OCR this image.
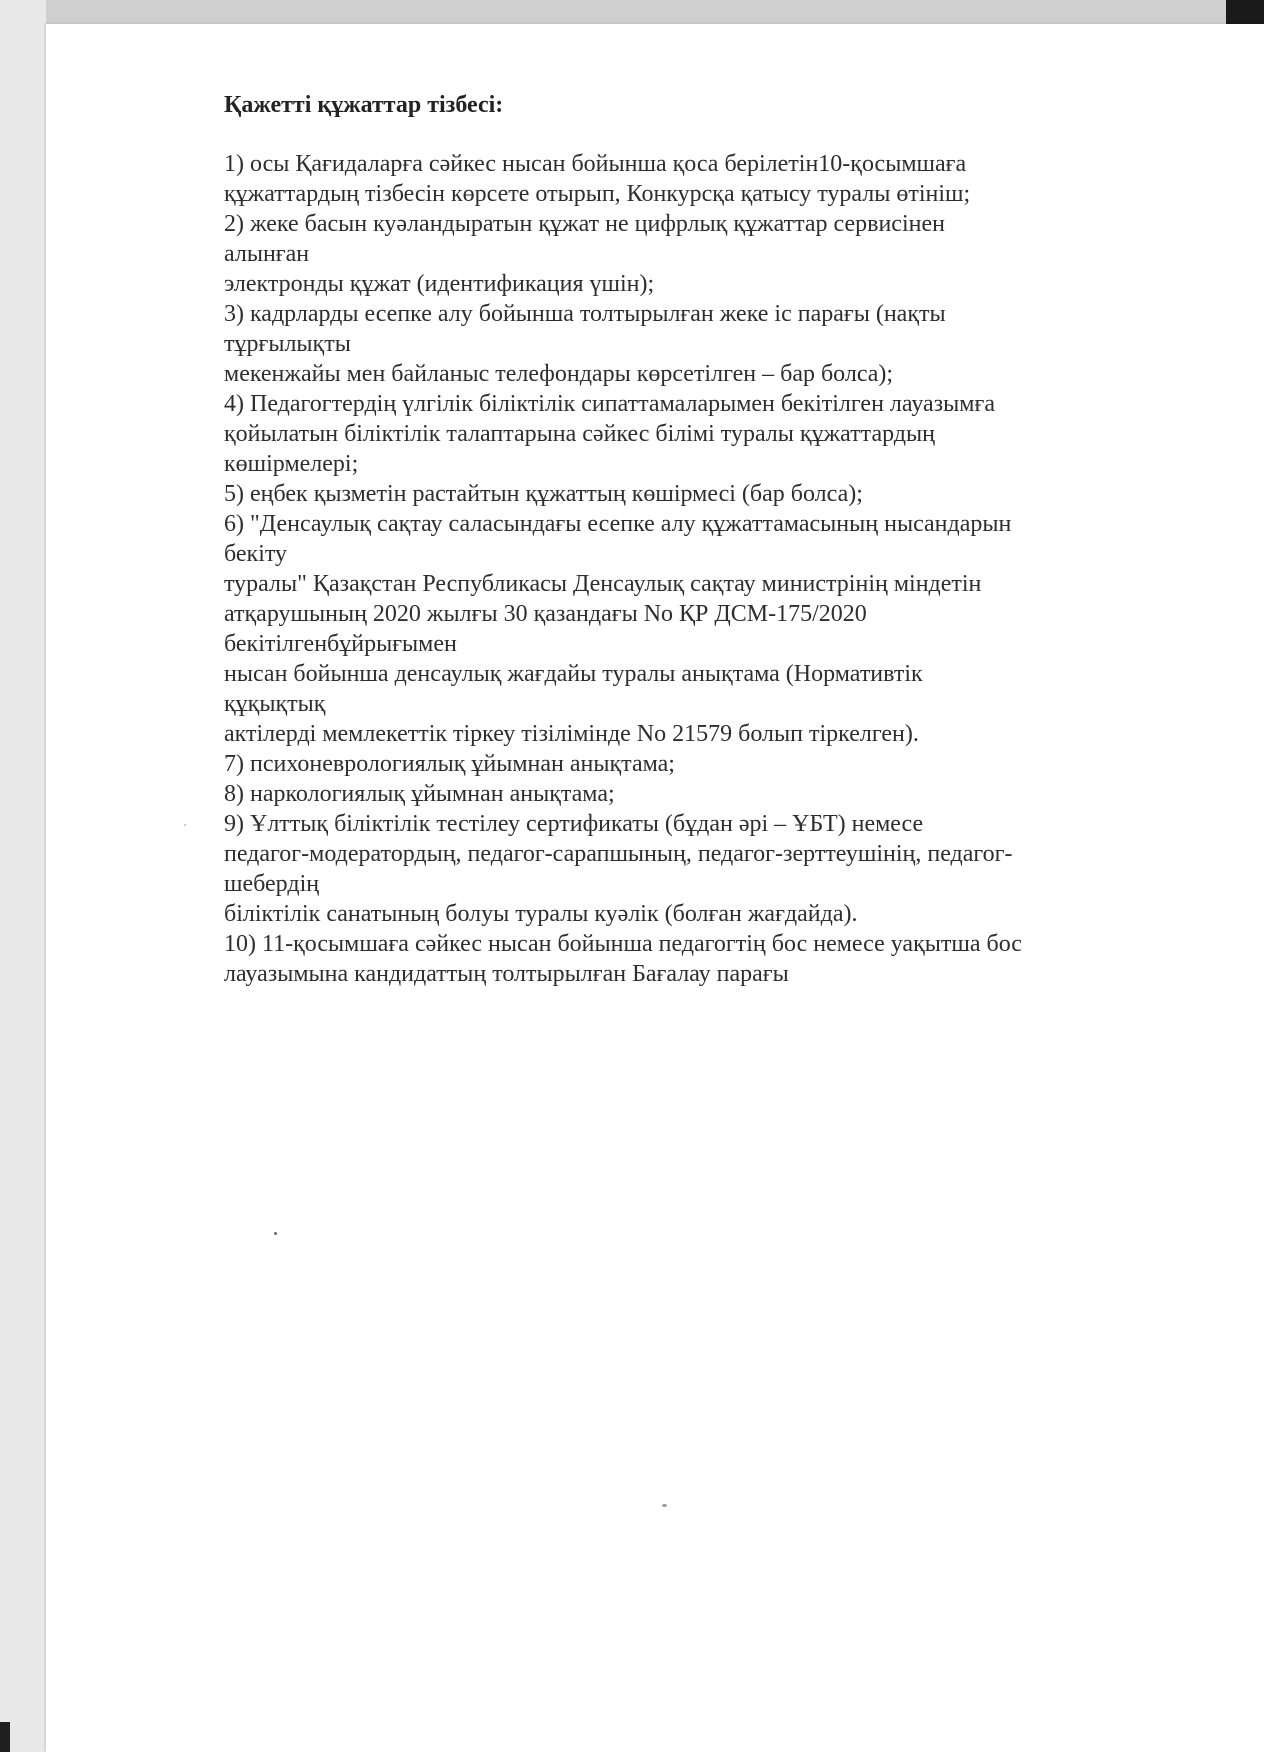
Қажетті құжаттар тізбесі:
1) осы Қағидаларға сәйкес нысан бойынша қоса берілетін10-қосымшаға
құжаттардың тізбесін көрсете отырып, Конкурсқа қатысу туралы өтініш;
2) жеке басын куәландыратын құжат не цифрлық құжаттар сервисінен
алынған
электронды құжат (идентификация үшін);
3) кадрларды есепке алу бойынша толтырылған жеке іс парағы (нақты
тұрғылықты
мекенжайы мен байланыс телефондары көрсетілген – бар болса);
4) Педагогтердің үлгілік біліктілік сипаттамаларымен бекітілген лауазымға
қойылатын біліктілік талаптарына сәйкес білімі туралы құжаттардың
көшірмелері;
5) еңбек қызметін растайтын құжаттың көшірмесі (бар болса);
6) "Денсаулық сақтау саласындағы есепке алу құжаттамасының нысандарын
бекіту
туралы" Қазақстан Республикасы Денсаулық сақтау министрінің міндетін
атқарушының 2020 жылғы 30 қазандағы No ҚР ДСМ-175/2020
бекітілгенбұйрығымен
нысан бойынша денсаулық жағдайы туралы анықтама (Нормативтік
құқықтық
актілерді мемлекеттік тіркеу тізілімінде No 21579 болып тіркелген).
7) психоневрологиялық ұйымнан анықтама;
8) наркологиялық ұйымнан анықтама;
9) Ұлттық біліктілік тестілеу сертификаты (бұдан әрі – ҰБТ) немесе
педагог-модератордың, педагог-сарапшының, педагог-зерттеушінің, педагог-
шебердің
біліктілік санатының болуы туралы куәлік (болған жағдайда).
10) 11-қосымшаға сәйкес нысан бойынша педагогтің бос немесе уақытша бос
лауазымына кандидаттың толтырылған Бағалау парағы
